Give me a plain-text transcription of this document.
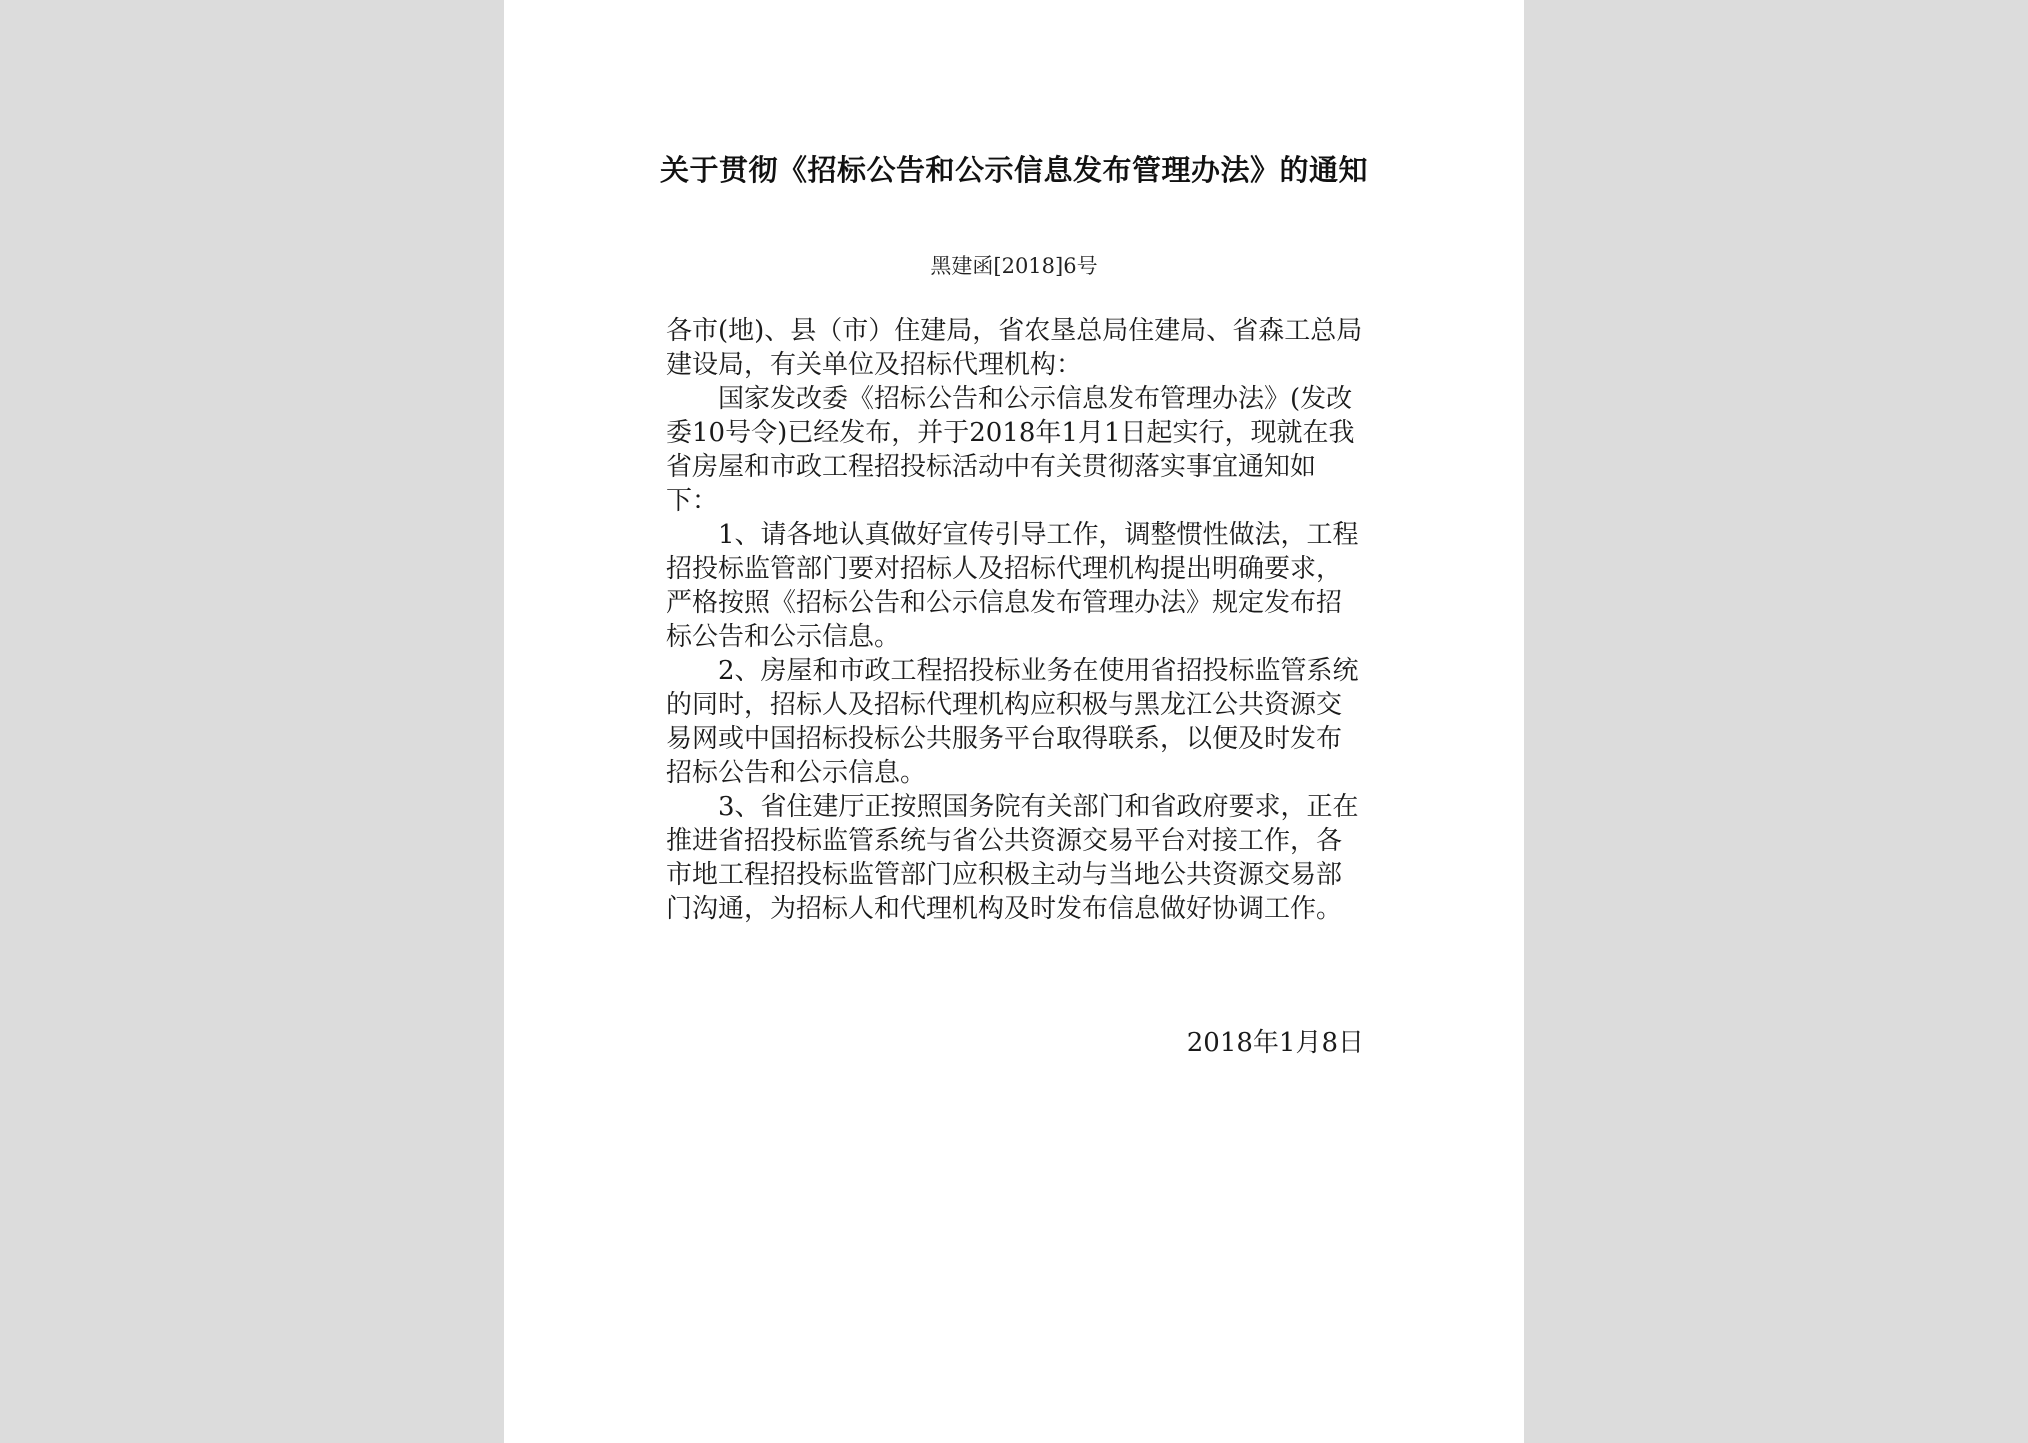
关于贯彻《招标公告和公示信息发布管理办法》的通知
黑建函[2018]6号

各市(地)、县（市）住建局，省农垦总局住建局、省森工总局建设局，有关单位及招标代理机构：

国家发改委《招标公告和公示信息发布管理办法》(发改委10号令)已经发布，并于2018年1月1日起实行，现就在我省房屋和市政工程招投标活动中有关贯彻落实事宜通知如下：

1、请各地认真做好宣传引导工作，调整惯性做法，工程招投标监管部门要对招标人及招标代理机构提出明确要求，严格按照《招标公告和公示信息发布管理办法》规定发布招标公告和公示信息。

2、房屋和市政工程招投标业务在使用省招投标监管系统的同时，招标人及招标代理机构应积极与黑龙江公共资源交易网或中国招标投标公共服务平台取得联系，以便及时发布招标公告和公示信息。

3、省住建厅正按照国务院有关部门和省政府要求，正在推进省招投标监管系统与省公共资源交易平台对接工作，各市地工程招投标监管部门应积极主动与当地公共资源交易部门沟通，为招标人和代理机构及时发布信息做好协调工作。

2018年1月8日
